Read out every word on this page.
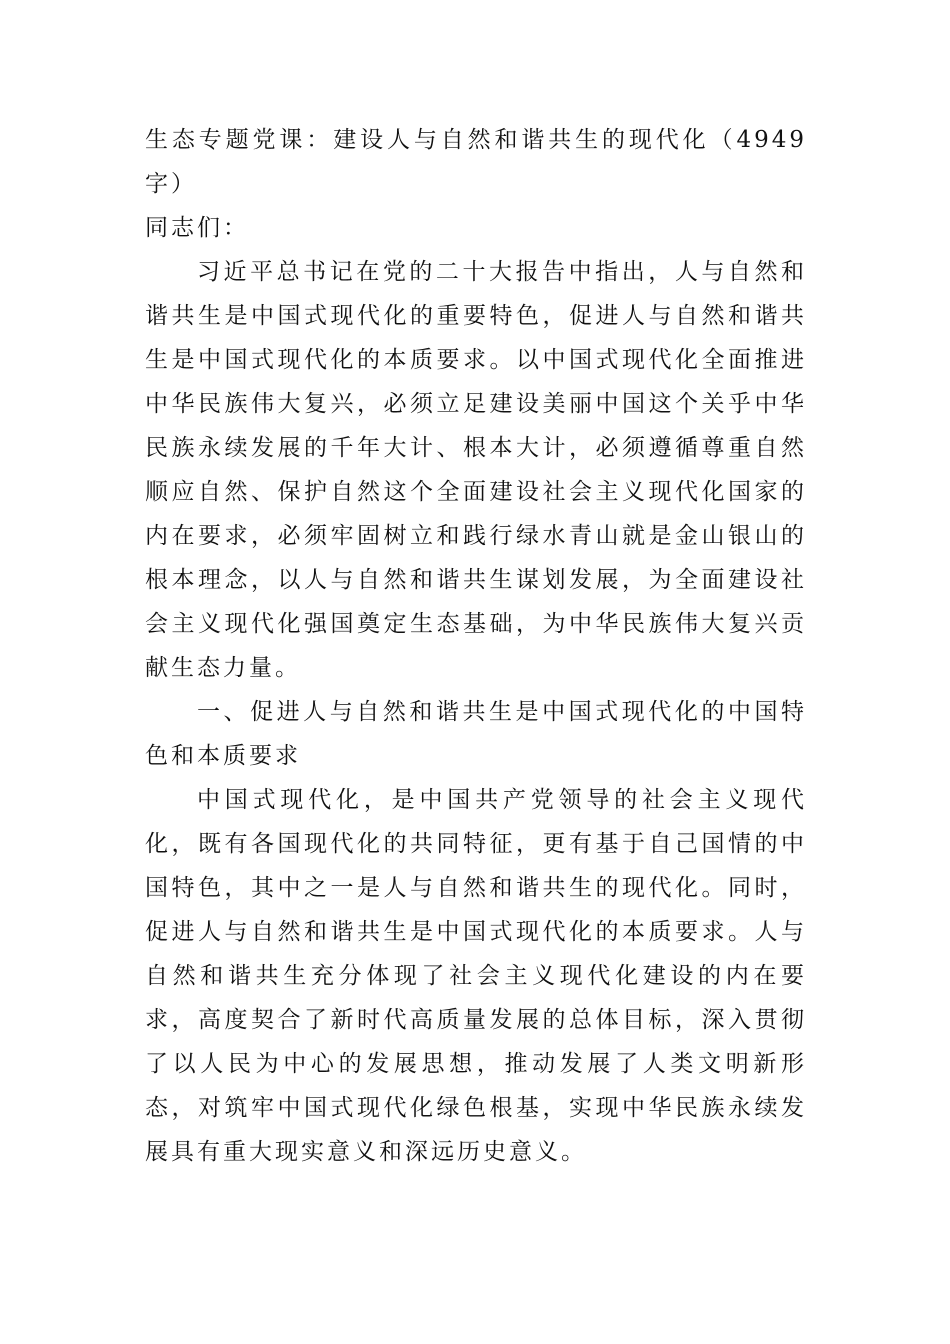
生态专题党课：建设人与自然和谐共生的现代化（4949字）

同志们：

习近平总书记在党的二十大报告中指出，人与自然和谐共生是中国式现代化的重要特色，促进人与自然和谐共生是中国式现代化的本质要求。以中国式现代化全面推进中华民族伟大复兴，必须立足建设美丽中国这个关乎中华民族永续发展的千年大计、根本大计，必须遵循尊重自然顺应自然、保护自然这个全面建设社会主义现代化国家的内在要求，必须牢固树立和践行绿水青山就是金山银山的根本理念，以人与自然和谐共生谋划发展，为全面建设社会主义现代化强国奠定生态基础，为中华民族伟大复兴贡献生态力量。

一、促进人与自然和谐共生是中国式现代化的中国特色和本质要求

中国式现代化，是中国共产党领导的社会主义现代化，既有各国现代化的共同特征，更有基于自己国情的中国特色，其中之一是人与自然和谐共生的现代化。同时，促进人与自然和谐共生是中国式现代化的本质要求。人与自然和谐共生充分体现了社会主义现代化建设的内在要求，高度契合了新时代高质量发展的总体目标，深入贯彻了以人民为中心的发展思想，推动发展了人类文明新形态，对筑牢中国式现代化绿色根基，实现中华民族永续发展具有重大现实意义和深远历史意义。
